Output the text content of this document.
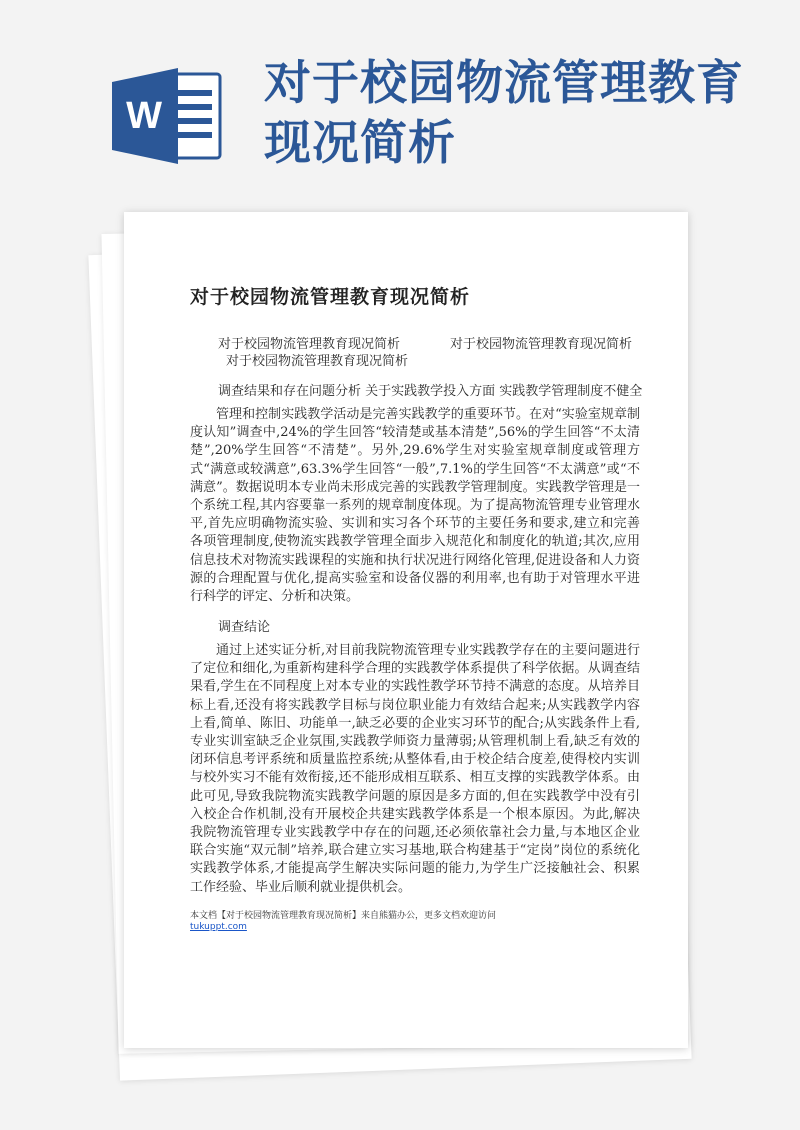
W
对于校园物流管理教育现况简析
对于校园物流管理教育现况简析
对于校园物流管理教育现况简析	对于校园物流管理教育现况简析
对于校园物流管理教育现况简析
调查结果和存在问题分析 关于实践教学投入方面 实践教学管理制度不健全

管理和控制实践教学活动是完善实践教学的重要环节。在对“实验室规章制度认知”调查中,24%的学生回答“较清楚或基本清楚”,56%的学生回答“不太清楚”,20%学生回答“不清楚”。另外,29.6%学生对实验室规章制度或管理方式“满意或较满意”,63.3%学生回答“一般”,7.1%的学生回答“不太满意”或“不满意”。数据说明本专业尚未形成完善的实践教学管理制度。实践教学管理是一个系统工程,其内容要靠一系列的规章制度体现。为了提高物流管理专业管理水平,首先应明确物流实验、实训和实习各个环节的主要任务和要求,建立和完善各项管理制度,使物流实践教学管理全面步入规范化和制度化的轨道;其次,应用信息技术对物流实践课程的实施和执行状况进行网络化管理,促进设备和人力资源的合理配置与优化,提高实验室和设备仪器的利用率,也有助于对管理水平进行科学的评定、分析和决策。

调查结论

通过上述实证分析,对目前我院物流管理专业实践教学存在的主要问题进行了定位和细化,为重新构建科学合理的实践教学体系提供了科学依据。从调查结果看,学生在不同程度上对本专业的实践性教学环节持不满意的态度。从培养目标上看,还没有将实践教学目标与岗位职业能力有效结合起来;从实践教学内容上看,简单、陈旧、功能单一,缺乏必要的企业实习环节的配合;从实践条件上看,专业实训室缺乏企业氛围,实践教学师资力量薄弱;从管理机制上看,缺乏有效的闭环信息考评系统和质量监控系统;从整体看,由于校企结合度差,使得校内实训与校外实习不能有效衔接,还不能形成相互联系、相互支撑的实践教学体系。由此可见,导致我院物流实践教学问题的原因是多方面的,但在实践教学中没有引入校企合作机制,没有开展校企共建实践教学体系是一个根本原因。为此,解决我院物流管理专业实践教学中存在的问题,还必须依靠社会力量,与本地区企业联合实施“双元制”培养,联合建立实习基地,联合构建基于“定岗”岗位的系统化实践教学体系,才能提高学生解决实际问题的能力,为学生广泛接触社会、积累工作经验、毕业后顺利就业提供机会。

本文档【对于校园物流管理教育现况简析】来自熊猫办公，更多文档欢迎访问
tukuppt.com
